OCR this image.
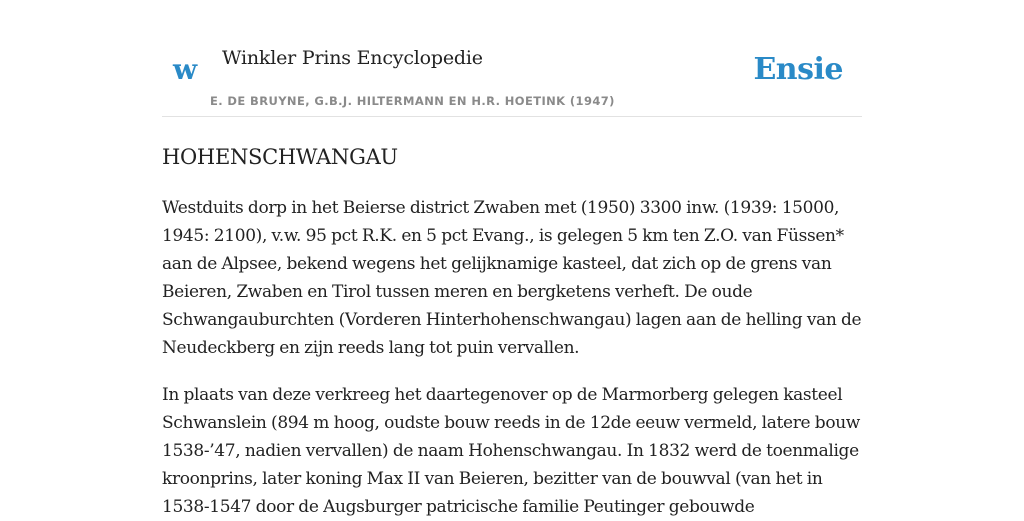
w Winkler Prins Encyclopedie
E. DE BRUYNE, G.B.J. HILTERMANN EN H.R. HOETINK (1947)
Ensie
HOHENSCHWANGAU

Westduits dorp in het Beierse district Zwaben met (1950) 3300 inw. (1939: 15000, 1945: 2100), v.w. 95 pct R.K. en 5 pct Evang., is gelegen 5 km ten Z.O. van Füssen* aan de Alpsee, bekend wegens het gelijknamige kasteel, dat zich op de grens van Beieren, Zwaben en Tirol tussen meren en bergketens verheft. De oude Schwangauburchten (Vorderen Hinterhohenschwangau) lagen aan de helling van de Neudeckberg en zijn reeds lang tot puin vervallen.

In plaats van deze verkreeg het daartegenover op de Marmorberg gelegen kasteel Schwanslein (894 m hoog, oudste bouw reeds in de 12de eeuw vermeld, latere bouw 1538-’47, nadien vervallen) de naam Hohenschwangau. In 1832 werd de toenmalige kroonprins, later koning Max II van Beieren, bezitter van de bouwval (van het in 1538-1547 door de Augsburger patricische familie Peutinger gebouwde
